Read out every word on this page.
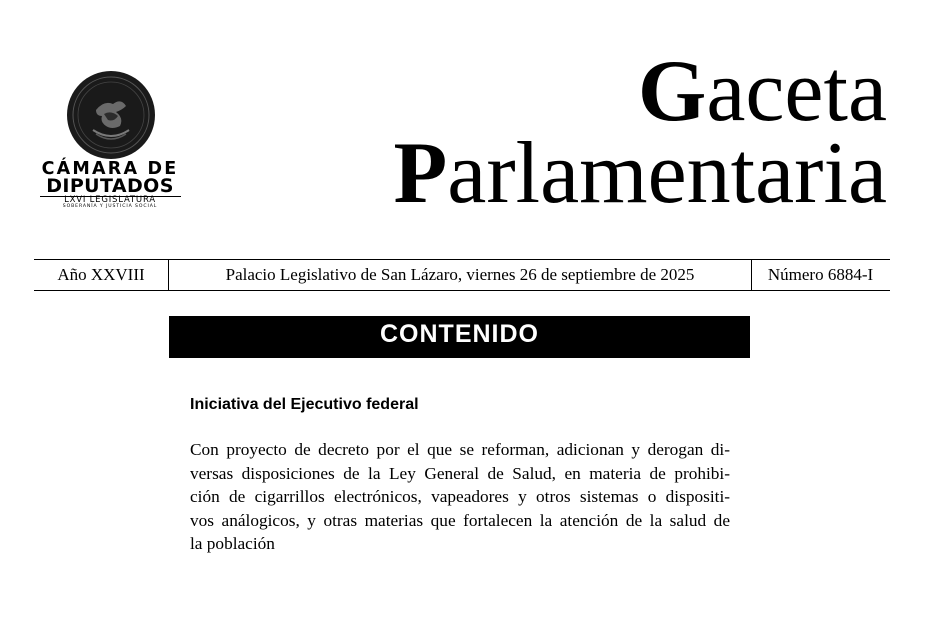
CÁMARA DE
DIPUTADOS
LXVI LEGISLATURA
SOBERANÍA Y JUSTICIA SOCIAL
Gaceta
Parlamentaria
Año XXVIII	Palacio Legislativo de San Lázaro, viernes 26 de septiembre de 2025	Número 6884-I
CONTENIDO
Iniciativa del Ejecutivo federal
Con proyecto de decreto por el que se reforman, adicionan y derogan di-
versas disposiciones de la Ley General de Salud, en materia de prohibi-
ción de cigarrillos electrónicos, vapeadores y otros sistemas o dispositi-
vos análogicos, y otras materias que fortalecen la atención de la salud de
la población
